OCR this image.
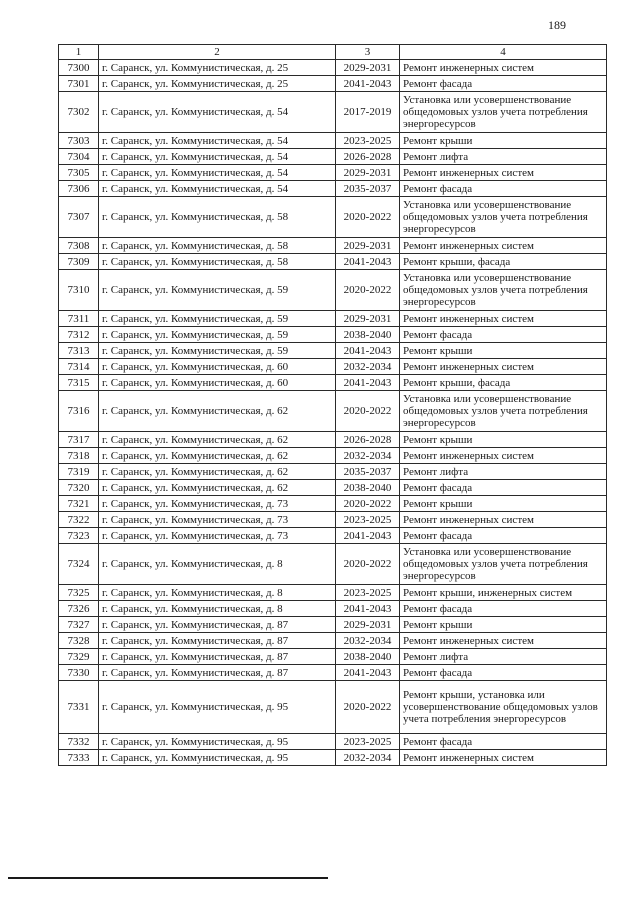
189
1	2	3	4
7300	г. Саранск, ул. Коммунистическая, д. 25	2029-2031	Ремонт инженерных систем
7301	г. Саранск, ул. Коммунистическая, д. 25	2041-2043	Ремонт фасада
7302	г. Саранск, ул. Коммунистическая, д. 54	2017-2019	Установка или усовершенствование общедомовых узлов учета потребления энергоресурсов
7303	г. Саранск, ул. Коммунистическая, д. 54	2023-2025	Ремонт крыши
7304	г. Саранск, ул. Коммунистическая, д. 54	2026-2028	Ремонт лифта
7305	г. Саранск, ул. Коммунистическая, д. 54	2029-2031	Ремонт инженерных систем
7306	г. Саранск, ул. Коммунистическая, д. 54	2035-2037	Ремонт фасада
7307	г. Саранск, ул. Коммунистическая, д. 58	2020-2022	Установка или усовершенствование общедомовых узлов учета потребления энергоресурсов
7308	г. Саранск, ул. Коммунистическая, д. 58	2029-2031	Ремонт инженерных систем
7309	г. Саранск, ул. Коммунистическая, д. 58	2041-2043	Ремонт крыши, фасада
7310	г. Саранск, ул. Коммунистическая, д. 59	2020-2022	Установка или усовершенствование общедомовых узлов учета потребления энергоресурсов
7311	г. Саранск, ул. Коммунистическая, д. 59	2029-2031	Ремонт инженерных систем
7312	г. Саранск, ул. Коммунистическая, д. 59	2038-2040	Ремонт фасада
7313	г. Саранск, ул. Коммунистическая, д. 59	2041-2043	Ремонт крыши
7314	г. Саранск, ул. Коммунистическая, д. 60	2032-2034	Ремонт инженерных систем
7315	г. Саранск, ул. Коммунистическая, д. 60	2041-2043	Ремонт крыши, фасада
7316	г. Саранск, ул. Коммунистическая, д. 62	2020-2022	Установка или усовершенствование общедомовых узлов учета потребления энергоресурсов
7317	г. Саранск, ул. Коммунистическая, д. 62	2026-2028	Ремонт крыши
7318	г. Саранск, ул. Коммунистическая, д. 62	2032-2034	Ремонт инженерных систем
7319	г. Саранск, ул. Коммунистическая, д. 62	2035-2037	Ремонт лифта
7320	г. Саранск, ул. Коммунистическая, д. 62	2038-2040	Ремонт фасада
7321	г. Саранск, ул. Коммунистическая, д. 73	2020-2022	Ремонт крыши
7322	г. Саранск, ул. Коммунистическая, д. 73	2023-2025	Ремонт инженерных систем
7323	г. Саранск, ул. Коммунистическая, д. 73	2041-2043	Ремонт фасада
7324	г. Саранск, ул. Коммунистическая, д. 8	2020-2022	Установка или усовершенствование общедомовых узлов учета потребления энергоресурсов
7325	г. Саранск, ул. Коммунистическая, д. 8	2023-2025	Ремонт крыши, инженерных систем
7326	г. Саранск, ул. Коммунистическая, д. 8	2041-2043	Ремонт фасада
7327	г. Саранск, ул. Коммунистическая, д. 87	2029-2031	Ремонт крыши
7328	г. Саранск, ул. Коммунистическая, д. 87	2032-2034	Ремонт инженерных систем
7329	г. Саранск, ул. Коммунистическая, д. 87	2038-2040	Ремонт лифта
7330	г. Саранск, ул. Коммунистическая, д. 87	2041-2043	Ремонт фасада
7331	г. Саранск, ул. Коммунистическая, д. 95	2020-2022	Ремонт крыши, установка или усовершенствование общедомовых узлов учета потребления энергоресурсов
7332	г. Саранск, ул. Коммунистическая, д. 95	2023-2025	Ремонт фасада
7333	г. Саранск, ул. Коммунистическая, д. 95	2032-2034	Ремонт инженерных систем
